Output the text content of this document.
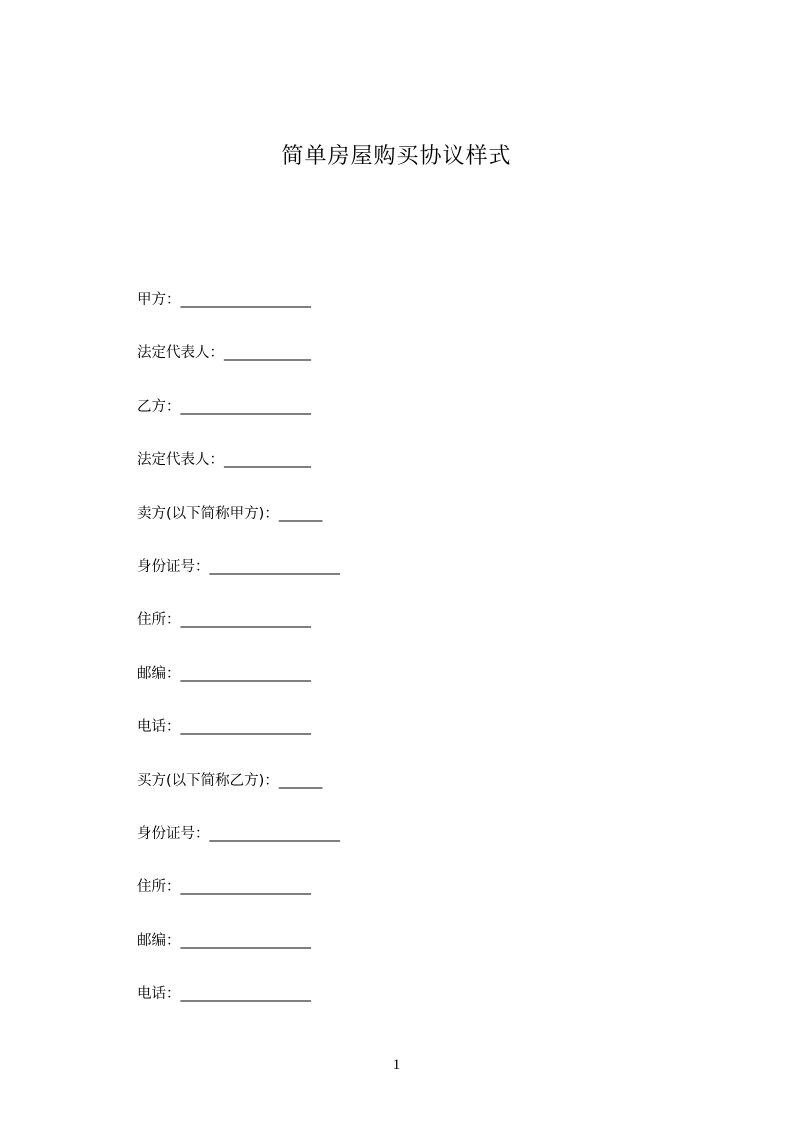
简单房屋购买协议样式
甲方： __________________
法定代表人： ____________
乙方： __________________
法定代表人： ____________
卖方(以下简称甲方)： ______
身份证号： __________________
住所： __________________
邮编： __________________
电话： __________________
买方(以下简称乙方)： ______
身份证号： __________________
住所： __________________
邮编： __________________
电话： __________________
1
